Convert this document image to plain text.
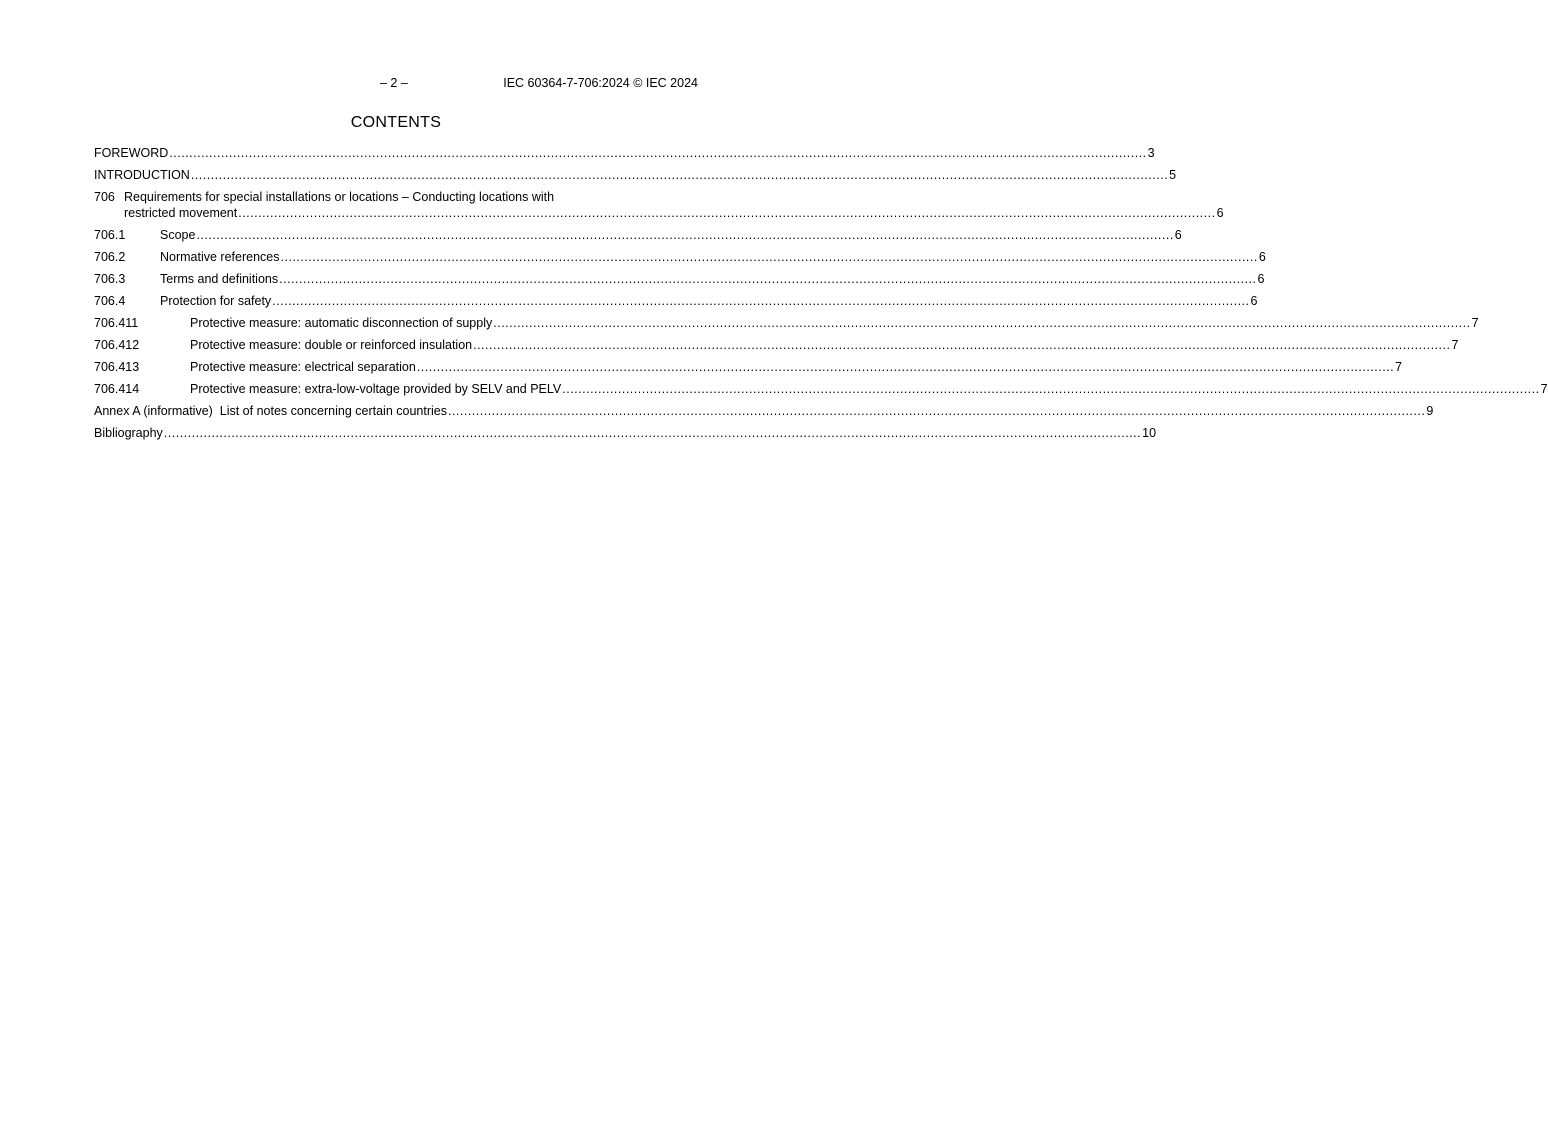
– 2 –	IEC 60364-7-706:2024 © IEC 2024
CONTENTS
FOREWORD .....	3
INTRODUCTION .....	5
706 Requirements for special installations or locations – Conducting locations with
restricted movement .....	6
706.1	Scope .....	6
706.2	Normative references .....	6
706.3	Terms and definitions .....	6
706.4	Protection for safety .....	6
706.411	Protective measure: automatic disconnection of supply .....	7
706.412	Protective measure: double or reinforced insulation .....	7
706.413	Protective measure: electrical separation .....	7
706.414	Protective measure: extra-low-voltage provided by SELV and PELV .....	7
Annex A (informative)  List of notes concerning certain countries .....	9
Bibliography .....	10
